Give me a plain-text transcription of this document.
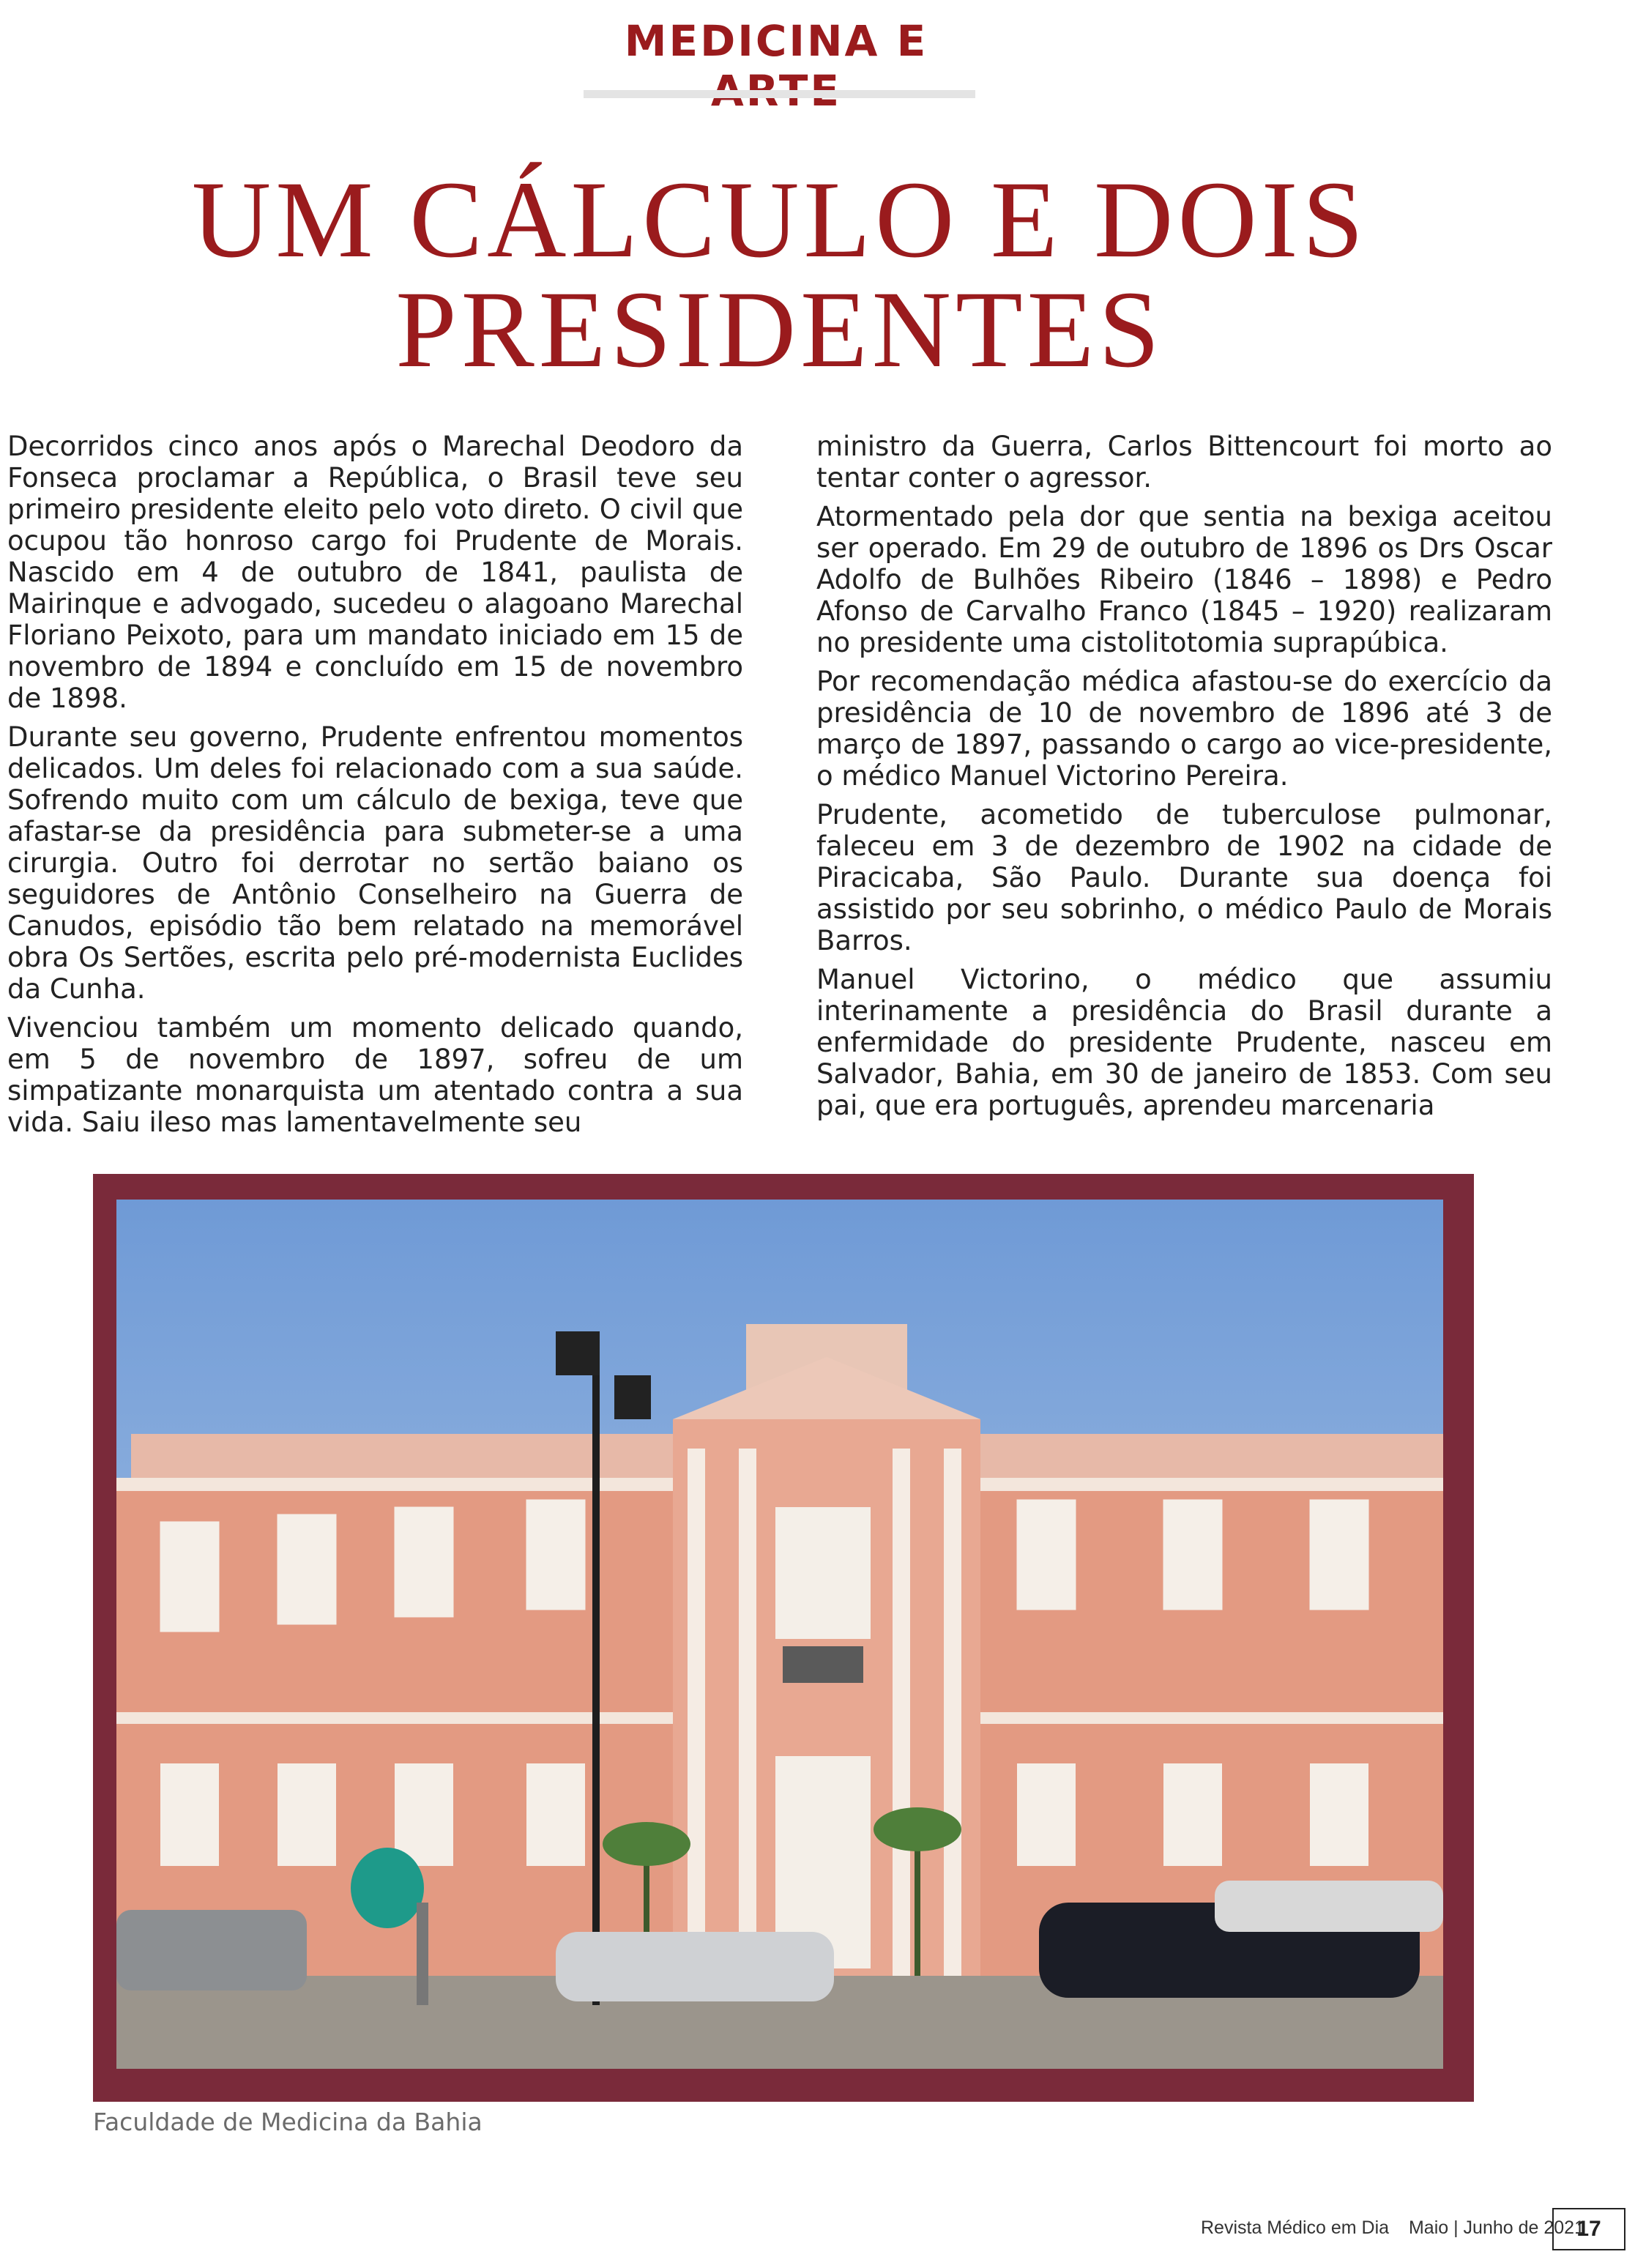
MEDICINA E
UM CÁLCULO E DOIS
PRESIDENTES

Decorridos cinco anos após o Marechal Deodoro da Fonseca proclamar a República, o Brasil teve seu primeiro presidente eleito pelo voto direto. O civil que ocupou tão honroso cargo foi Prudente de Morais. Nascido em 4 de outubro de 1841, paulista de Mairinque e advogado, sucedeu o alagoano Marechal Floriano Peixoto, para um mandato iniciado em 15 de novembro de 1894 e concluído em 15 de novembro de 1898.

Durante seu governo, Prudente enfrentou momentos delicados. Um deles foi relacionado com a sua saúde. Sofrendo muito com um cálculo de bexiga, teve que afastar-se da presidência para submeter-se a uma cirurgia. Outro foi derrotar no sertão baiano os seguidores de Antônio Conselheiro na Guerra de Canudos, episódio tão bem relatado na memorável obra Os Sertões, escrita pelo pré-modernista Euclides da Cunha.

Vivenciou também um momento delicado quando, em 5 de novembro de 1897, sofreu de um simpatizante monarquista um atentado contra a sua vida. Saiu ileso mas lamentavelmente seu

ministro da Guerra, Carlos Bittencourt foi morto ao tentar conter o agressor.

Atormentado pela dor que sentia na bexiga aceitou ser operado. Em 29 de outubro de 1896 os Drs Oscar Adolfo de Bulhões Ribeiro (1846 – 1898) e Pedro Afonso de Carvalho Franco (1845 – 1920) realizaram no presidente uma cistolitotomia suprapúbica.

Por recomendação médica afastou-se do exercício da presidência de 10 de novembro de 1896 até 3 de março de 1897, passando o cargo ao vice-presidente, o médico Manuel Victorino Pereira.

Prudente, acometido de tuberculose pulmonar, faleceu em 3 de dezembro de 1902 na cidade de Piracicaba, São Paulo. Durante sua doença foi assistido por seu sobrinho, o médico Paulo de Morais Barros.

Manuel Victorino, o médico que assumiu interinamente a presidência do Brasil durante a enfermidade do presidente Prudente, nasceu em Salvador, Bahia, em 30 de janeiro de 1853. Com seu pai, que era português, aprendeu marcenaria

Faculdade de Medicina da Bahia
Revista Médico em Dia Maio | Junho de 2021
17
